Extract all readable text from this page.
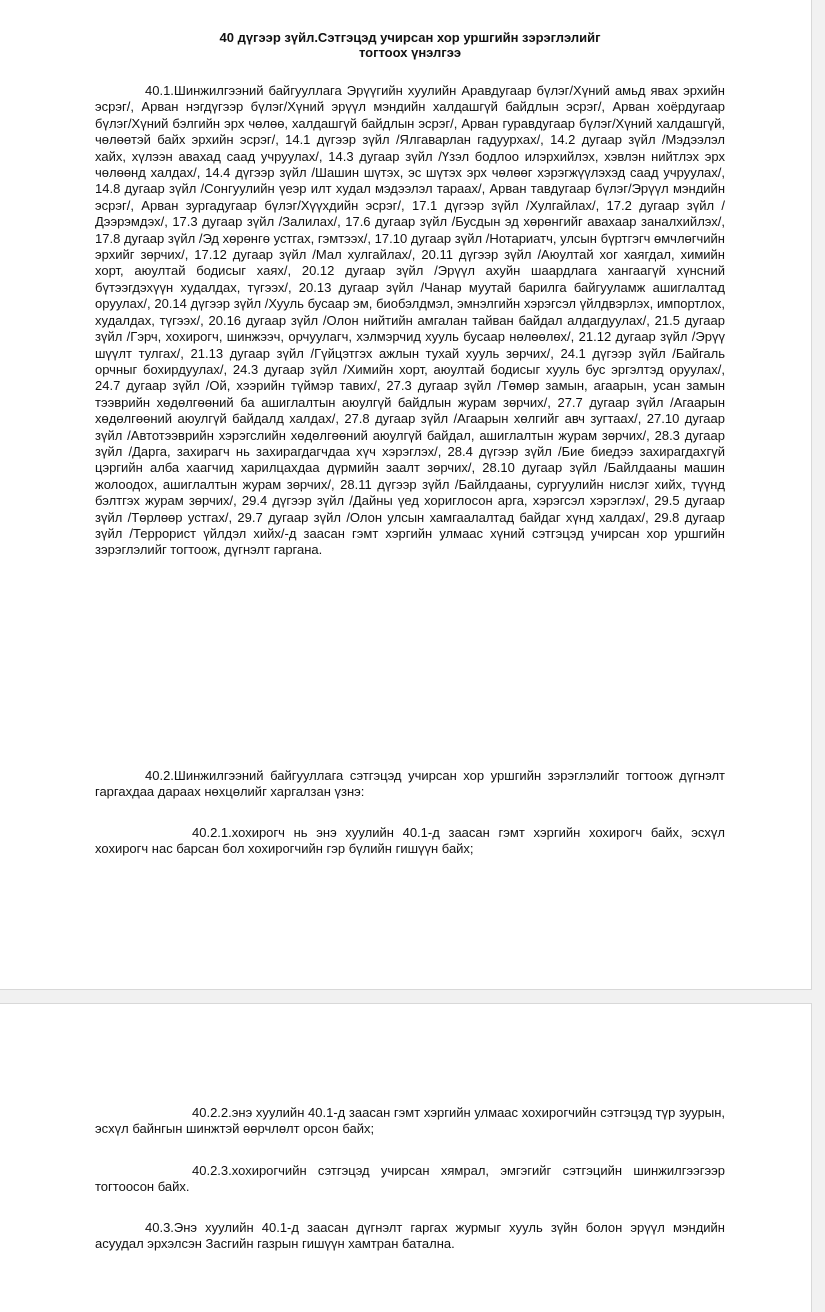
40 дүгээр зүйл.Сэтгэцэд учирсан хор уршгийн зэрэглэлийг
тогтоох үнэлгээ

40.1.Шинжилгээний байгууллага Эрүүгийн хуулийн Аравдугаар бүлэг/Хүний амьд явах эрхийн эсрэг/, Арван нэгдүгээр бүлэг/Хүний эрүүл мэндийн халдашгүй байдлын эсрэг/, Арван хоёрдугаар бүлэг/Хүний бэлгийн эрх чөлөө, халдашгүй байдлын эсрэг/, Арван гуравдугаар бүлэг/Хүний халдашгүй, чөлөөтэй байх эрхийн эсрэг/, 14.1 дүгээр зүйл /Ялгаварлан гадуурхах/, 14.2 дугаар зүйл /Мэдээлэл хайх, хүлээн авахад саад учруулах/, 14.3 дугаар зүйл /Үзэл бодлоо илэрхийлэх, хэвлэн нийтлэх эрх чөлөөнд халдах/, 14.4 дүгээр зүйл /Шашин шүтэх, эс шүтэх эрх чөлөөг хэрэгжүүлэхэд саад учруулах/, 14.8 дугаар зүйл /Сонгуулийн үеэр илт худал мэдээлэл тараах/, Арван тавдугаар бүлэг/Эрүүл мэндийн эсрэг/, Арван зургадугаар бүлэг/Хүүхдийн эсрэг/, 17.1 дүгээр зүйл /Хулгайлах/, 17.2 дугаар зүйл /Дээрэмдэх/, 17.3 дугаар зүйл /Залилах/, 17.6 дугаар зүйл /Бусдын эд хөрөнгийг авахаар заналхийлэх/, 17.8 дугаар зүйл /Эд хөрөнгө устгах, гэмтээх/, 17.10 дугаар зүйл /Нотариатч, улсын бүртгэгч өмчлөгчийн эрхийг зөрчих/, 17.12 дугаар зүйл /Мал хулгайлах/, 20.11 дүгээр зүйл /Аюултай хог хаягдал, химийн хорт, аюултай бодисыг хаях/, 20.12 дугаар зүйл /Эрүүл ахуйн шаардлага хангаагүй хүнсний бүтээгдэхүүн худалдах, түгээх/, 20.13 дугаар зүйл /Чанар муутай барилга байгууламж ашиглалтад оруулах/, 20.14 дүгээр зүйл /Хууль бусаар эм, биобэлдмэл, эмнэлгийн хэрэгсэл үйлдвэрлэх, импортлох, худалдах, түгээх/, 20.16 дугаар зүйл /Олон нийтийн амгалан тайван байдал алдагдуулах/, 21.5 дугаар зүйл /Гэрч, хохирогч, шинжээч, орчуулагч, хэлмэрчид хууль бусаар нөлөөлөх/, 21.12 дугаар зүйл /Эрүү шүүлт тулгах/, 21.13 дугаар зүйл /Гүйцэтгэх ажлын тухай хууль зөрчих/, 24.1 дүгээр зүйл /Байгаль орчныг бохирдуулах/, 24.3 дугаар зүйл /Химийн хорт, аюултай бодисыг хууль бус эргэлтэд оруулах/, 24.7 дугаар зүйл /Ой, хээрийн түймэр тавих/, 27.3 дугаар зүйл /Төмөр замын, агаарын, усан замын тээврийн хөдөлгөөний ба ашиглалтын аюулгүй байдлын журам зөрчих/, 27.7 дугаар зүйл /Агаарын хөдөлгөөний аюулгүй байдалд халдах/, 27.8 дугаар зүйл /Агаарын хөлгийг авч зугтаах/, 27.10 дугаар зүйл /Автотээврийн хэрэгслийн хөдөлгөөний аюулгүй байдал, ашиглалтын журам зөрчих/, 28.3 дугаар зүйл /Дарга, захирагч нь захирагдагчдаа хүч хэрэглэх/, 28.4 дүгээр зүйл /Бие биедээ захирагдахгүй цэргийн алба хаагчид харилцахдаа дүрмийн заалт зөрчих/, 28.10 дугаар зүйл /Байлдааны машин жолоодох, ашиглалтын журам зөрчих/, 28.11 дүгээр зүйл /Байлдааны, сургуулийн нислэг хийх, түүнд бэлтгэх журам зөрчих/, 29.4 дүгээр зүйл /Дайны үед хориглосон арга, хэрэгсэл хэрэглэх/, 29.5 дугаар зүйл /Төрлөөр устгах/, 29.7 дугаар зүйл /Олон улсын хамгаалалтад байдаг хүнд халдах/, 29.8 дугаар зүйл /Террорист үйлдэл хийх/-д заасан гэмт хэргийн улмаас хүний сэтгэцэд учирсан хор уршгийн зэрэглэлийг тогтоож, дүгнэлт гаргана.

40.2.Шинжилгээний байгууллага сэтгэцэд учирсан хор уршгийн зэрэглэлийг тогтоож дүгнэлт гаргахдаа дараах нөхцөлийг харгалзан үзнэ:

40.2.1.хохирогч нь энэ хуулийн 40.1-д заасан гэмт хэргийн хохирогч байх, эсхүл хохирогч нас барсан бол хохирогчийн гэр бүлийн гишүүн байх;

40.2.2.энэ хуулийн 40.1-д заасан гэмт хэргийн улмаас хохирогчийн сэтгэцэд түр зуурын, эсхүл байнгын шинжтэй өөрчлөлт орсон байх;

40.2.3.хохирогчийн сэтгэцэд учирсан хямрал, эмгэгийг сэтгэцийн шинжилгээгээр тогтоосон байх.

40.3.Энэ хуулийн 40.1-д заасан дүгнэлт гаргах журмыг хууль зүйн болон эрүүл мэндийн асуудал эрхэлсэн Засгийн газрын гишүүн хамтран батална.
